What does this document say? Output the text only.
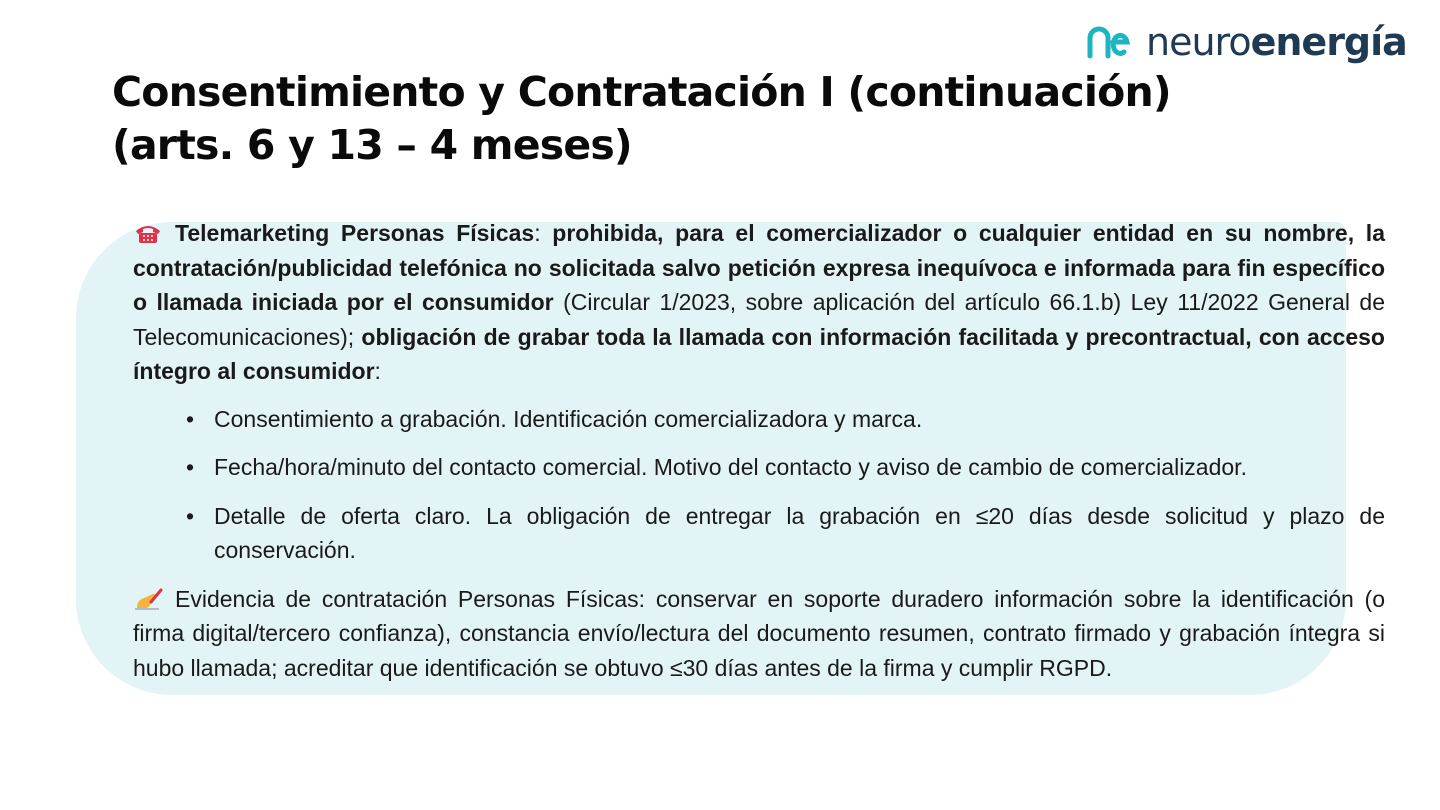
neuroenergía
Consentimiento y Contratación I (continuación)
(arts. 6 y 13 – 4 meses)

Telemarketing Personas Físicas: prohibida, para el comercializador o cualquier entidad en su nombre, la contratación/publicidad telefónica no solicitada salvo petición expresa inequívoca e informada para fin específico o llamada iniciada por el consumidor (Circular 1/2023, sobre aplicación del artículo 66.1.b) Ley 11/2022 General de Telecomunicaciones); obligación de grabar toda la llamada con información facilitada y precontractual, con acceso íntegro al consumidor:

• Consentimiento a grabación. Identificación comercializadora y marca.
• Fecha/hora/minuto del contacto comercial. Motivo del contacto y aviso de cambio de comercializador.
• Detalle de oferta claro. La obligación de entregar la grabación en ≤20 días desde solicitud y plazo de conservación.

Evidencia de contratación Personas Físicas: conservar en soporte duradero información sobre la identificación (o firma digital/tercero confianza), constancia envío/lectura del documento resumen, contrato firmado y grabación íntegra si hubo llamada; acreditar que identificación se obtuvo ≤30 días antes de la firma y cumplir RGPD.
